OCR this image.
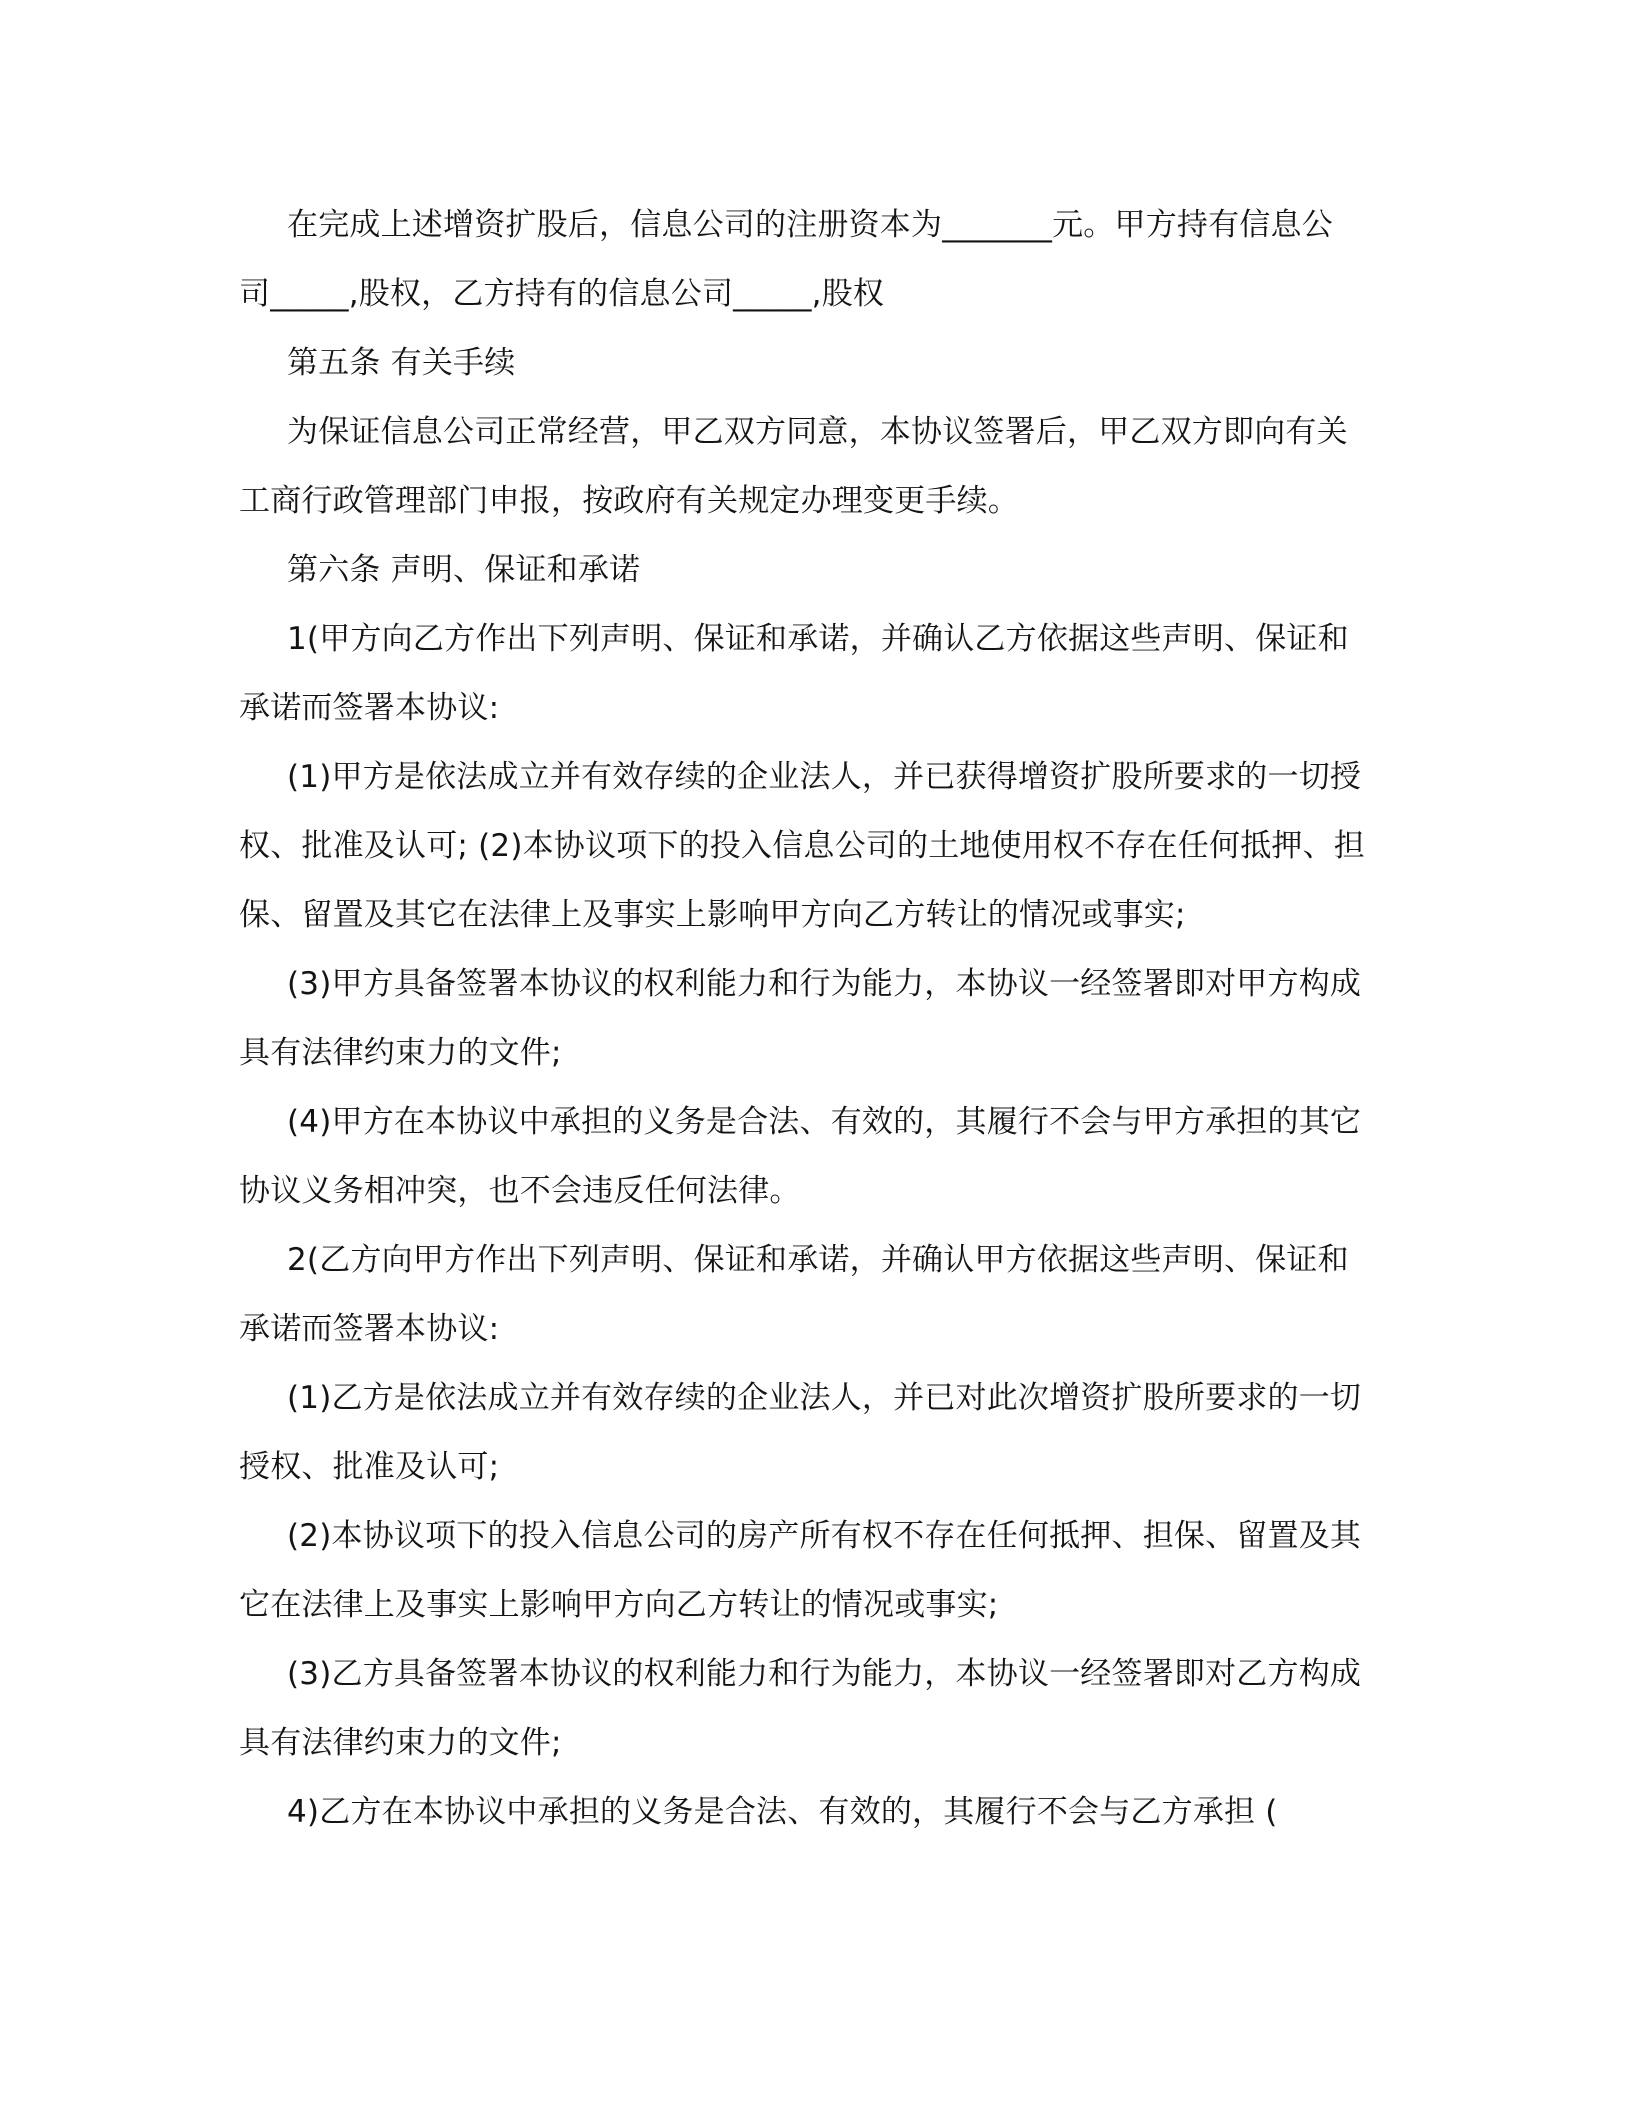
在完成上述增资扩股后，信息公司的注册资本为_______元。甲方持有信息公
司_____,股权，乙方持有的信息公司_____,股权
第五条 有关手续
为保证信息公司正常经营，甲乙双方同意，本协议签署后，甲乙双方即向有关
工商行政管理部门申报，按政府有关规定办理变更手续。
第六条 声明、保证和承诺
1(甲方向乙方作出下列声明、保证和承诺，并确认乙方依据这些声明、保证和
承诺而签署本协议:
(1)甲方是依法成立并有效存续的企业法人，并已获得增资扩股所要求的一切授
权、批准及认可; (2)本协议项下的投入信息公司的土地使用权不存在任何抵押、担
保、留置及其它在法律上及事实上影响甲方向乙方转让的情况或事实;
(3)甲方具备签署本协议的权利能力和行为能力，本协议一经签署即对甲方构成
具有法律约束力的文件;
(4)甲方在本协议中承担的义务是合法、有效的，其履行不会与甲方承担的其它
协议义务相冲突，也不会违反任何法律。
2(乙方向甲方作出下列声明、保证和承诺，并确认甲方依据这些声明、保证和
承诺而签署本协议:
(1)乙方是依法成立并有效存续的企业法人，并已对此次增资扩股所要求的一切
授权、批准及认可;
(2)本协议项下的投入信息公司的房产所有权不存在任何抵押、担保、留置及其
它在法律上及事实上影响甲方向乙方转让的情况或事实;
(3)乙方具备签署本协议的权利能力和行为能力，本协议一经签署即对乙方构成
具有法律约束力的文件;
4)乙方在本协议中承担的义务是合法、有效的，其履行不会与乙方承担 (
